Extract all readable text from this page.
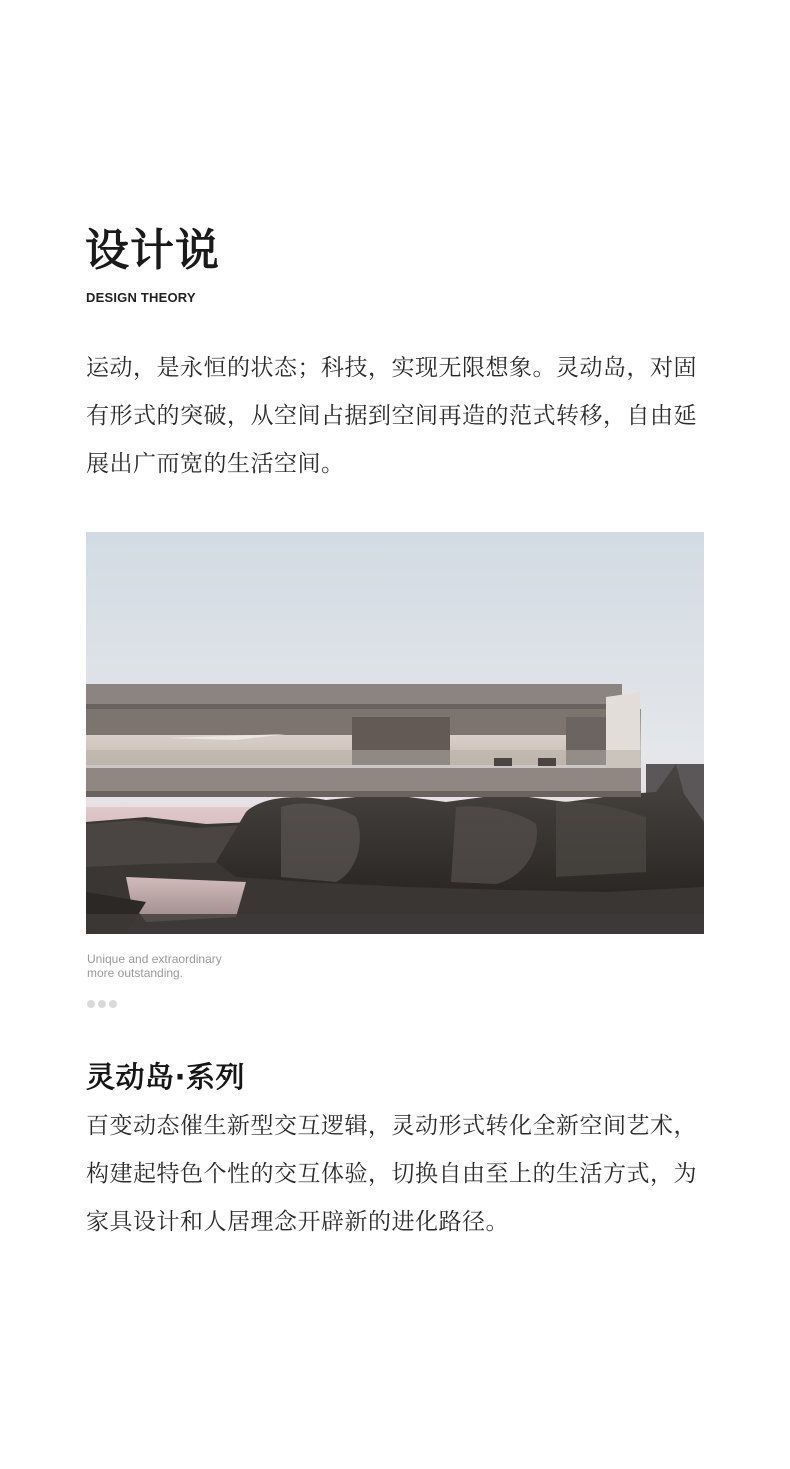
设计说
DESIGN THEORY

运动，是永恒的状态；科技，实现无限想象。灵动岛，对固有形式的突破，从空间占据到空间再造的范式转移，自由延展出广而宽的生活空间。

Unique and extraordinary
more outstanding.
灵动岛·系列

百变动态催生新型交互逻辑，灵动形式转化全新空间艺术，构建起特色个性的交互体验，切换自由至上的生活方式，为家具设计和人居理念开辟新的进化路径。
